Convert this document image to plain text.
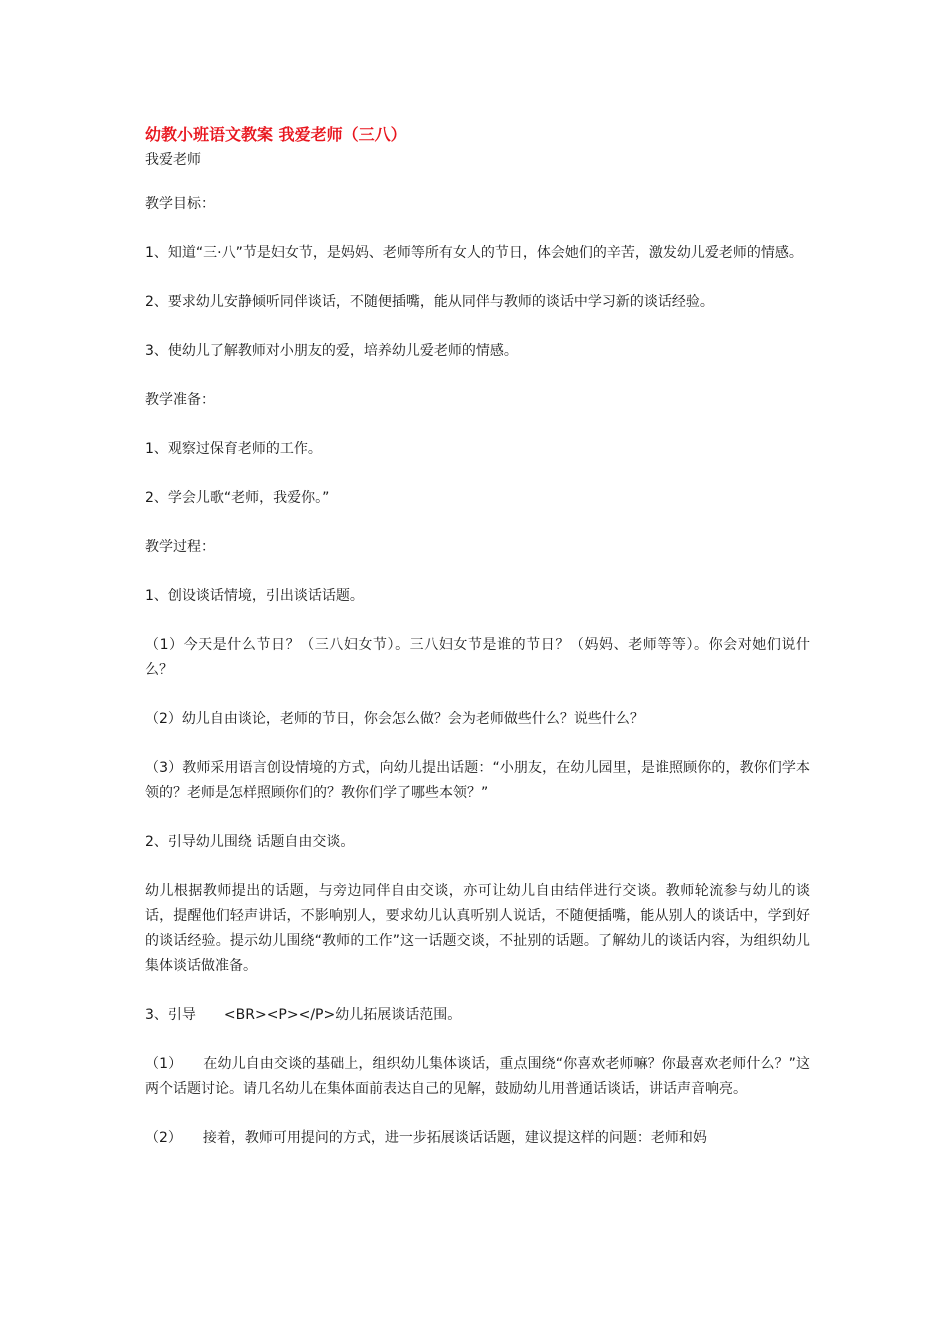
幼教小班语文教案 我爱老师（三八）

我爱老师

教学目标：

1、知道“三·八”节是妇女节，是妈妈、老师等所有女人的节日，体会她们的辛苦，激发幼儿爱老师的情感。

2、要求幼儿安静倾听同伴谈话，不随便插嘴，能从同伴与教师的谈话中学习新的谈话经验。

3、使幼儿了解教师对小朋友的爱，培养幼儿爱老师的情感。

教学准备：

1、观察过保育老师的工作。

2、学会儿歌“老师，我爱你。”

教学过程：

1、创设谈话情境，引出谈话话题。

（1）今天是什么节日？（三八妇女节）。三八妇女节是谁的节日？（妈妈、老师等等）。你会对她们说什么？

（2）幼儿自由谈论，老师的节日，你会怎么做？会为老师做些什么？说些什么？

（3）教师采用语言创设情境的方式，向幼儿提出话题：“小朋友，在幼儿园里，是谁照顾你的，教你们学本领的？老师是怎样照顾你们的？教你们学了哪些本领？”

2、引导幼儿围绕 话题自由交谈。

幼儿根据教师提出的话题，与旁边同伴自由交谈，亦可让幼儿自由结伴进行交谈。教师轮流参与幼儿的谈话，提醒他们轻声讲话，不影响别人，要求幼儿认真听别人说话，不随便插嘴，能从别人的谈话中，学到好的谈话经验。提示幼儿围绕“教师的工作”这一话题交谈，不扯别的话题。了解幼儿的谈话内容，为组织幼儿集体谈话做准备。

3、引导　　<BR><P></P>幼儿拓展谈话范围。

（1）　　在幼儿自由交谈的基础上，组织幼儿集体谈话，重点围绕“你喜欢老师嘛？你最喜欢老师什么？”这两个话题讨论。请几名幼儿在集体面前表达自己的见解，鼓励幼儿用普通话谈话，讲话声音响亮。

（2）　　接着，教师可用提问的方式，进一步拓展谈话话题，建议提这样的问题：老师和妈
